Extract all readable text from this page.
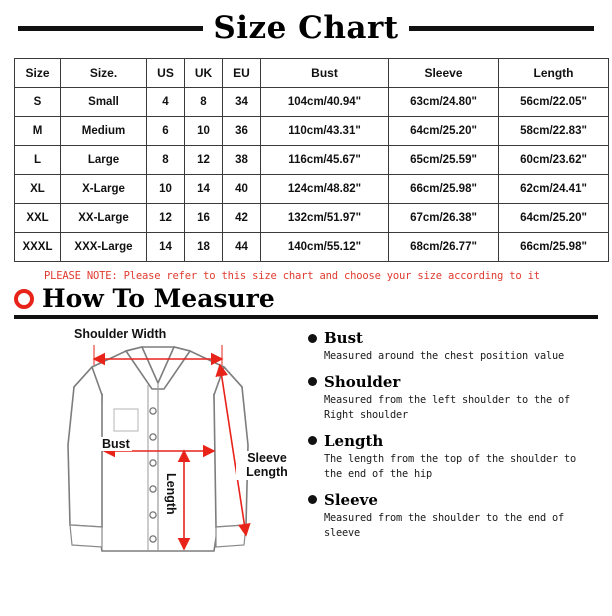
Size Chart
Size	Size.	US	UK	EU	Bust	Sleeve	Length
S	Small	4	8	34	104cm/40.94"	63cm/24.80"	56cm/22.05"
M	Medium	6	10	36	110cm/43.31"	64cm/25.20"	58cm/22.83"
L	Large	8	12	38	116cm/45.67"	65cm/25.59"	60cm/23.62"
XL	X-Large	10	14	40	124cm/48.82"	66cm/25.98"	62cm/24.41"
XXL	XX-Large	12	16	42	132cm/51.97"	67cm/26.38"	64cm/25.20"
XXXL	XXX-Large	14	18	44	140cm/55.12"	68cm/26.77"	66cm/25.98"
PLEASE NOTE: Please refer to this size chart and choose your size according to it
How To Measure
Shoulder Width
Bust
Sleeve
Length
Length
Bust
Measured around the chest position value
Shoulder
Measured from the left shoulder to the of Right shoulder
Length
The length from the top of the shoulder to the end of the hip
Sleeve
Measured from the shoulder to the end of sleeve
